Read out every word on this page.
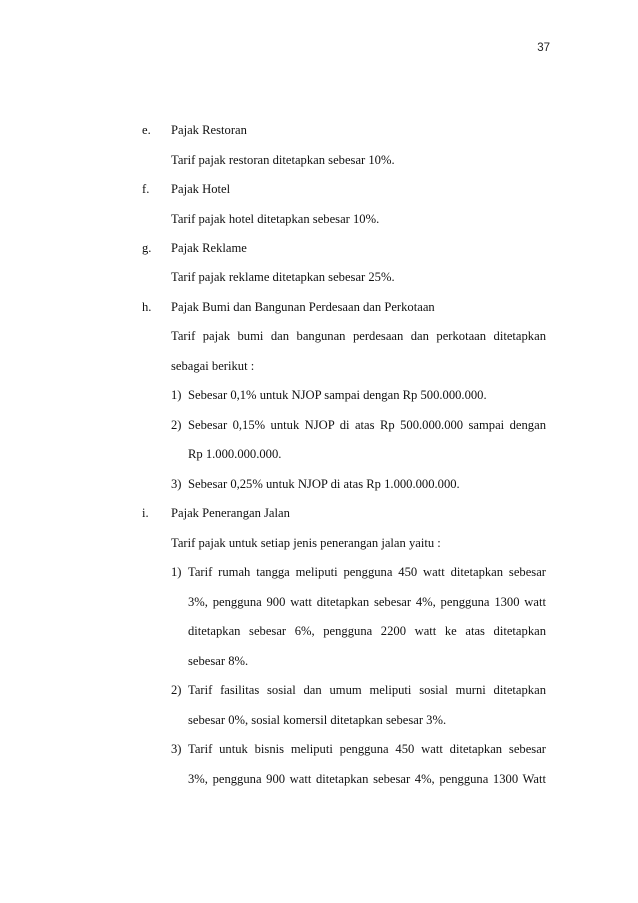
37
e. Pajak Restoran
Tarif pajak restoran ditetapkan sebesar 10%.
f. Pajak Hotel
Tarif pajak hotel ditetapkan sebesar 10%.
g. Pajak Reklame
Tarif pajak reklame ditetapkan sebesar 25%.
h. Pajak Bumi dan Bangunan Perdesaan dan Perkotaan
Tarif pajak bumi dan bangunan perdesaan dan perkotaan ditetapkan
sebagai berikut :
1) Sebesar 0,1% untuk NJOP sampai dengan Rp 500.000.000.
2) Sebesar 0,15% untuk NJOP di atas Rp 500.000.000 sampai dengan
Rp 1.000.000.000.
3) Sebesar 0,25% untuk NJOP di atas Rp 1.000.000.000.
i. Pajak Penerangan Jalan
Tarif pajak untuk setiap jenis penerangan jalan yaitu :
1) Tarif rumah tangga meliputi pengguna 450 watt ditetapkan sebesar
3%, pengguna 900 watt ditetapkan sebesar 4%, pengguna 1300 watt
ditetapkan sebesar 6%, pengguna 2200 watt ke atas ditetapkan
sebesar 8%.
2) Tarif fasilitas sosial dan umum meliputi sosial murni ditetapkan
sebesar 0%, sosial komersil ditetapkan sebesar 3%.
3) Tarif untuk bisnis meliputi pengguna 450 watt ditetapkan sebesar
3%, pengguna 900 watt ditetapkan sebesar 4%, pengguna 1300 Watt
